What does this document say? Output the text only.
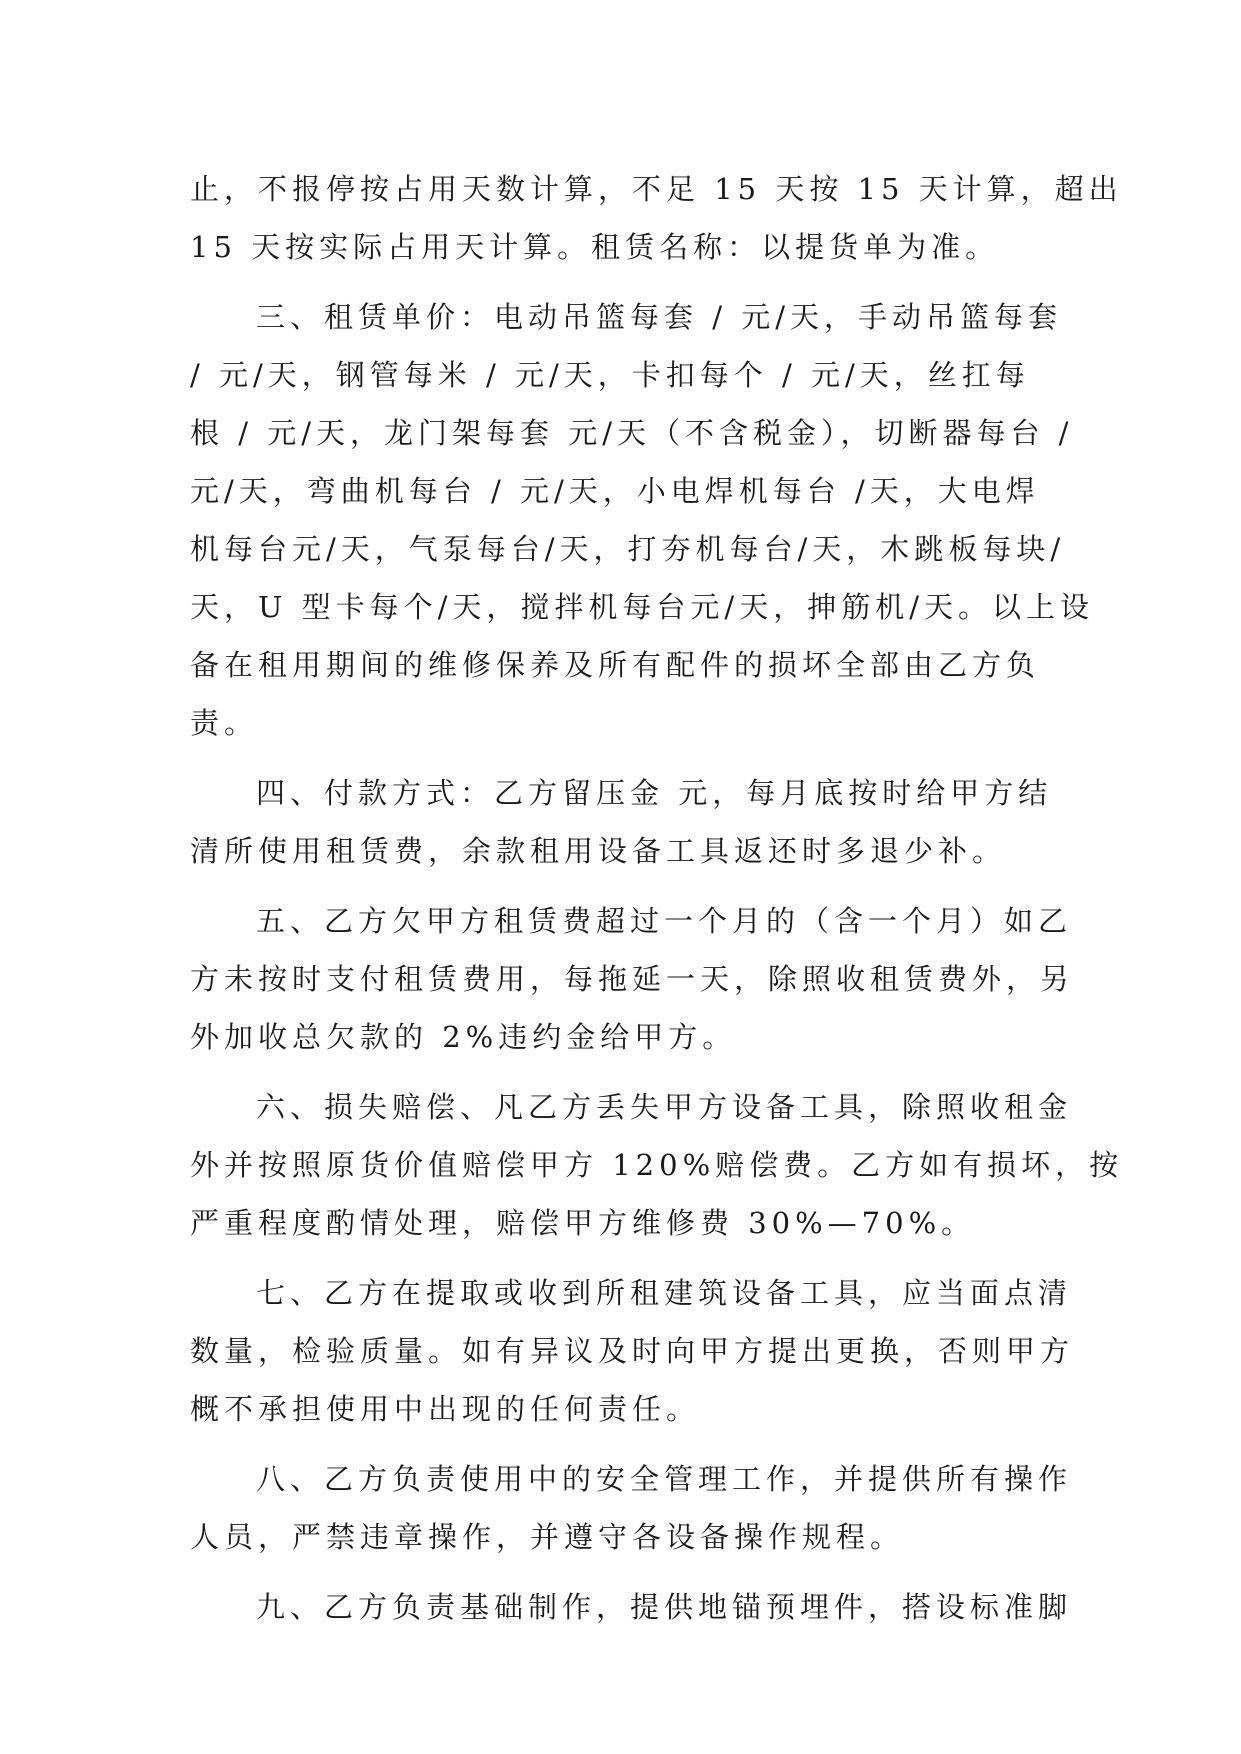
止，不报停按占用天数计算，不足 15 天按 15 天计算，超出
15 天按实际占用天计算。租赁名称：以提货单为准。
三、租赁单价：电动吊篮每套 / 元/天，手动吊篮每套
/ 元/天，钢管每米 / 元/天，卡扣每个 / 元/天，丝扛每
根 / 元/天，龙门架每套 元/天（不含税金），切断器每台 /
元/天，弯曲机每台 / 元/天，小电焊机每台 /天，大电焊
机每台元/天，气泵每台/天，打夯机每台/天，木跳板每块/
天，U 型卡每个/天，搅拌机每台元/天，抻筋机/天。以上设
备在租用期间的维修保养及所有配件的损坏全部由乙方负
责。
四、付款方式：乙方留压金 元，每月底按时给甲方结
清所使用租赁费，余款租用设备工具返还时多退少补。
五、乙方欠甲方租赁费超过一个月的（含一个月）如乙
方未按时支付租赁费用，每拖延一天，除照收租赁费外，另
外加收总欠款的 2%违约金给甲方。
六、损失赔偿、凡乙方丢失甲方设备工具，除照收租金
外并按照原货价值赔偿甲方 120%赔偿费。乙方如有损坏，按
严重程度酌情处理，赔偿甲方维修费 30%—70%。
七、乙方在提取或收到所租建筑设备工具，应当面点清
数量，检验质量。如有异议及时向甲方提出更换，否则甲方
概不承担使用中出现的任何责任。
八、乙方负责使用中的安全管理工作，并提供所有操作
人员，严禁违章操作，并遵守各设备操作规程。
九、乙方负责基础制作，提供地锚预埋件，搭设标准脚
